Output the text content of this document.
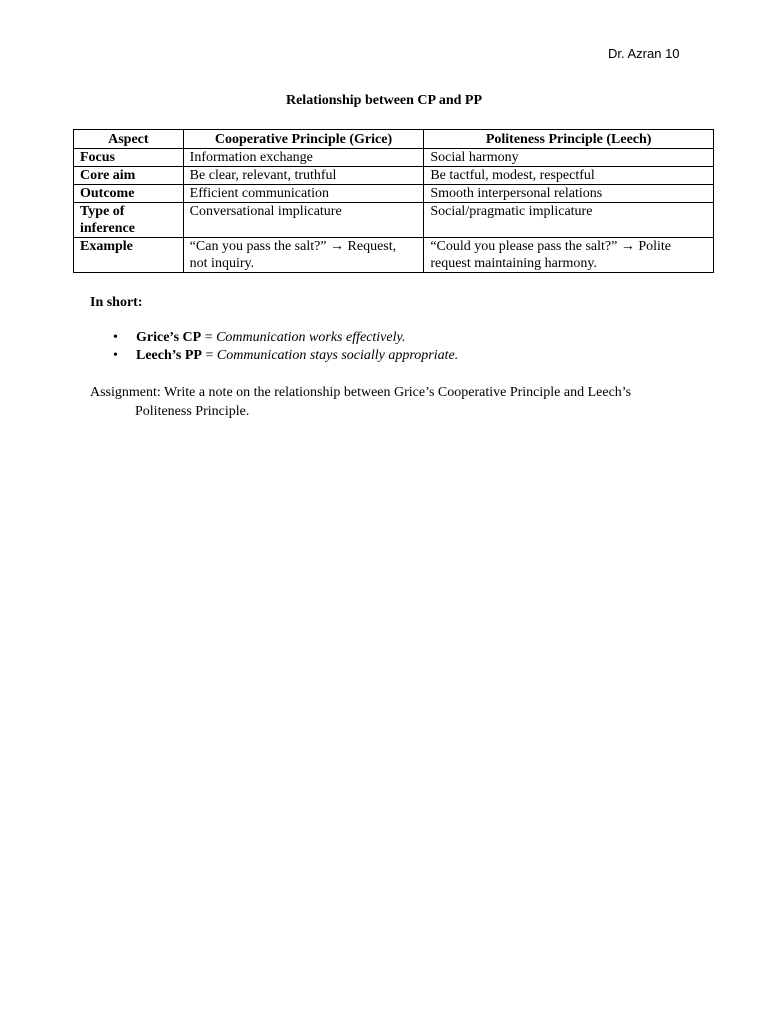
Dr. Azran 10
Relationship between CP and PP
Aspect	Cooperative Principle (Grice)	Politeness Principle (Leech)
Focus	Information exchange	Social harmony
Core aim	Be clear, relevant, truthful	Be tactful, modest, respectful
Outcome	Efficient communication	Smooth interpersonal relations
Type of inference	Conversational implicature	Social/pragmatic implicature
Example	“Can you pass the salt?” → Request, not inquiry.	“Could you please pass the salt?” → Polite request maintaining harmony.
In short:
• Grice’s CP = Communication works effectively.
• Leech’s PP = Communication stays socially appropriate.
Assignment: Write a note on the relationship between Grice’s Cooperative Principle and Leech’s
Politeness Principle.
